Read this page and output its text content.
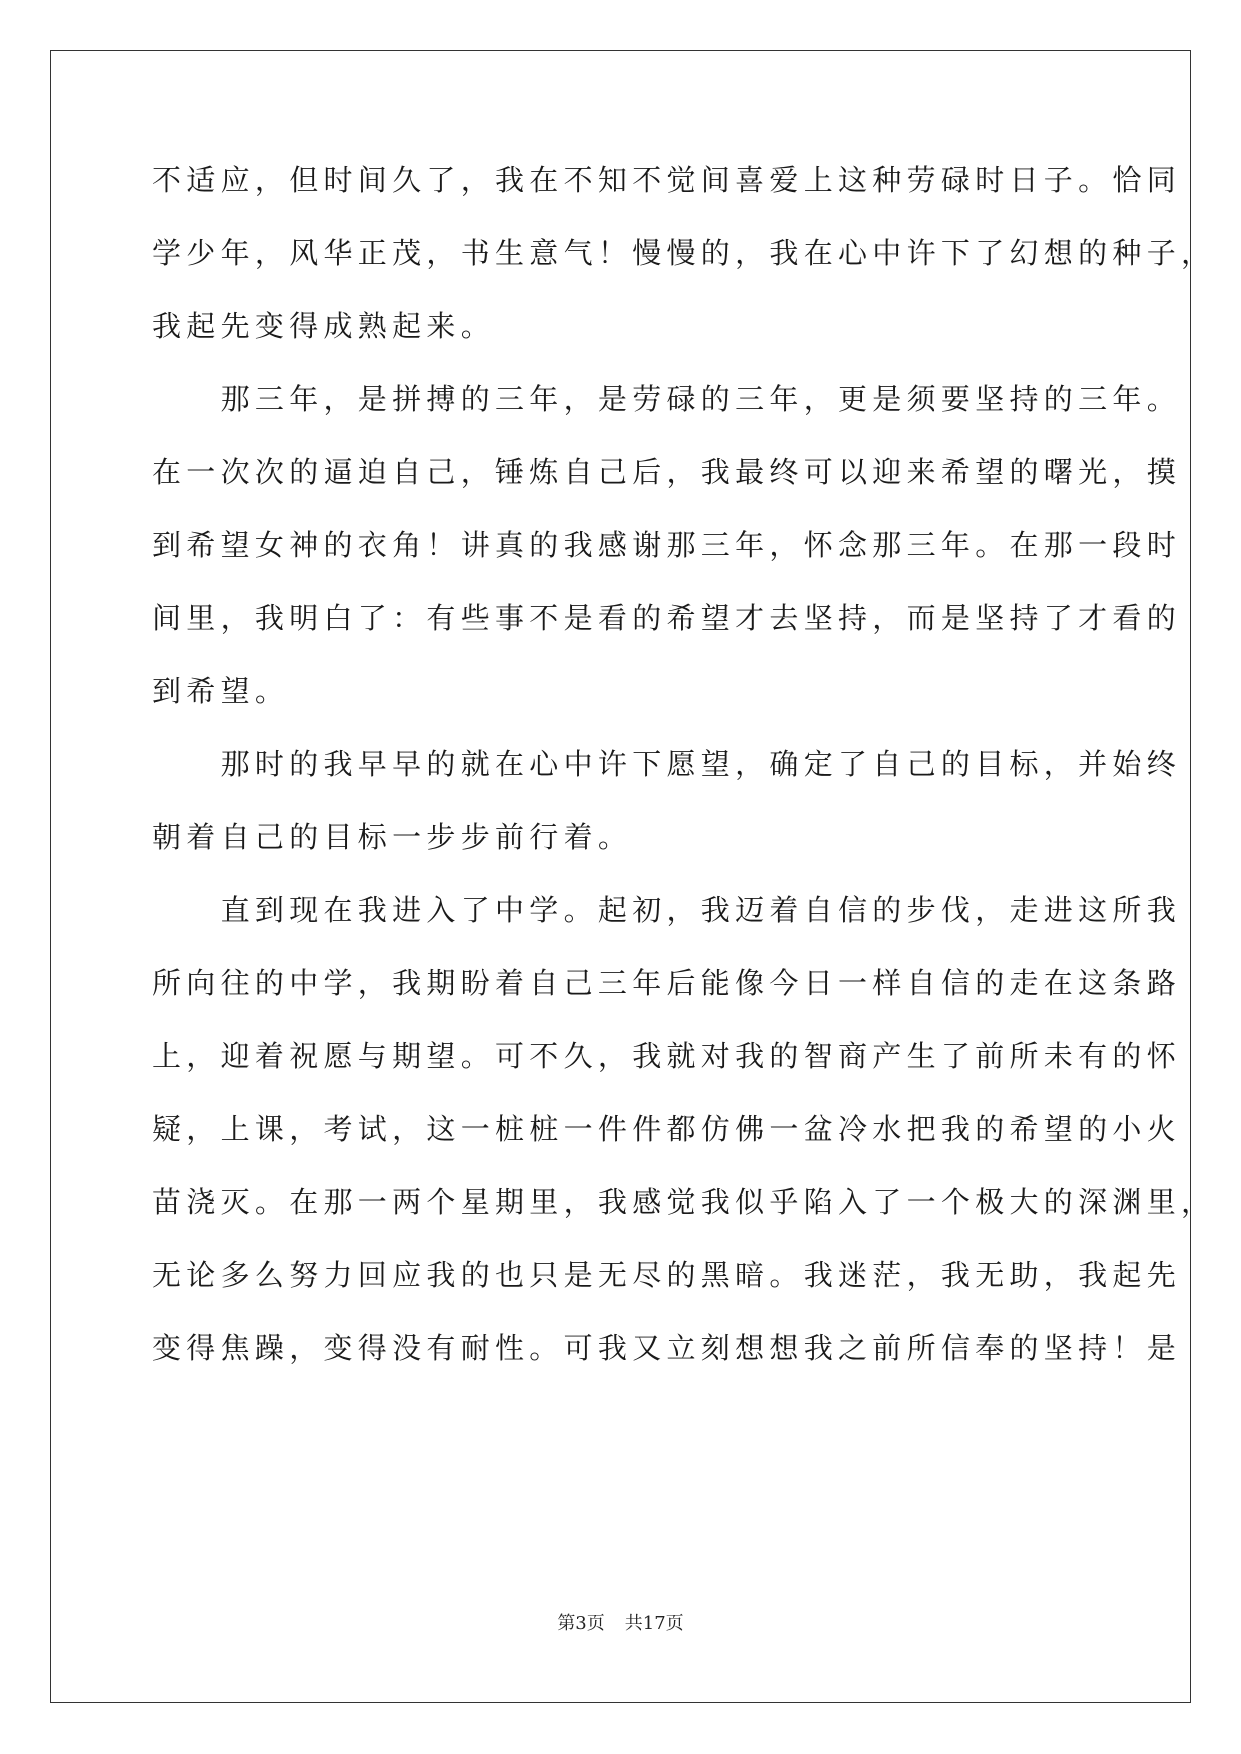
不适应，但时间久了，我在不知不觉间喜爱上这种劳碌时日子。恰同
学少年，风华正茂，书生意气！慢慢的，我在心中许下了幻想的种子，
我起先变得成熟起来。
　　那三年，是拼搏的三年，是劳碌的三年，更是须要坚持的三年。
在一次次的逼迫自己，锤炼自己后，我最终可以迎来希望的曙光，摸
到希望女神的衣角！讲真的我感谢那三年，怀念那三年。在那一段时
间里，我明白了：有些事不是看的希望才去坚持，而是坚持了才看的
到希望。
　　那时的我早早的就在心中许下愿望，确定了自己的目标，并始终
朝着自己的目标一步步前行着。
　　直到现在我进入了中学。起初，我迈着自信的步伐，走进这所我
所向往的中学，我期盼着自己三年后能像今日一样自信的走在这条路
上，迎着祝愿与期望。可不久，我就对我的智商产生了前所未有的怀
疑，上课，考试，这一桩桩一件件都仿佛一盆冷水把我的希望的小火
苗浇灭。在那一两个星期里，我感觉我似乎陷入了一个极大的深渊里，
无论多么努力回应我的也只是无尽的黑暗。我迷茫，我无助，我起先
变得焦躁，变得没有耐性。可我又立刻想想我之前所信奉的坚持！是
第3页 共17页
